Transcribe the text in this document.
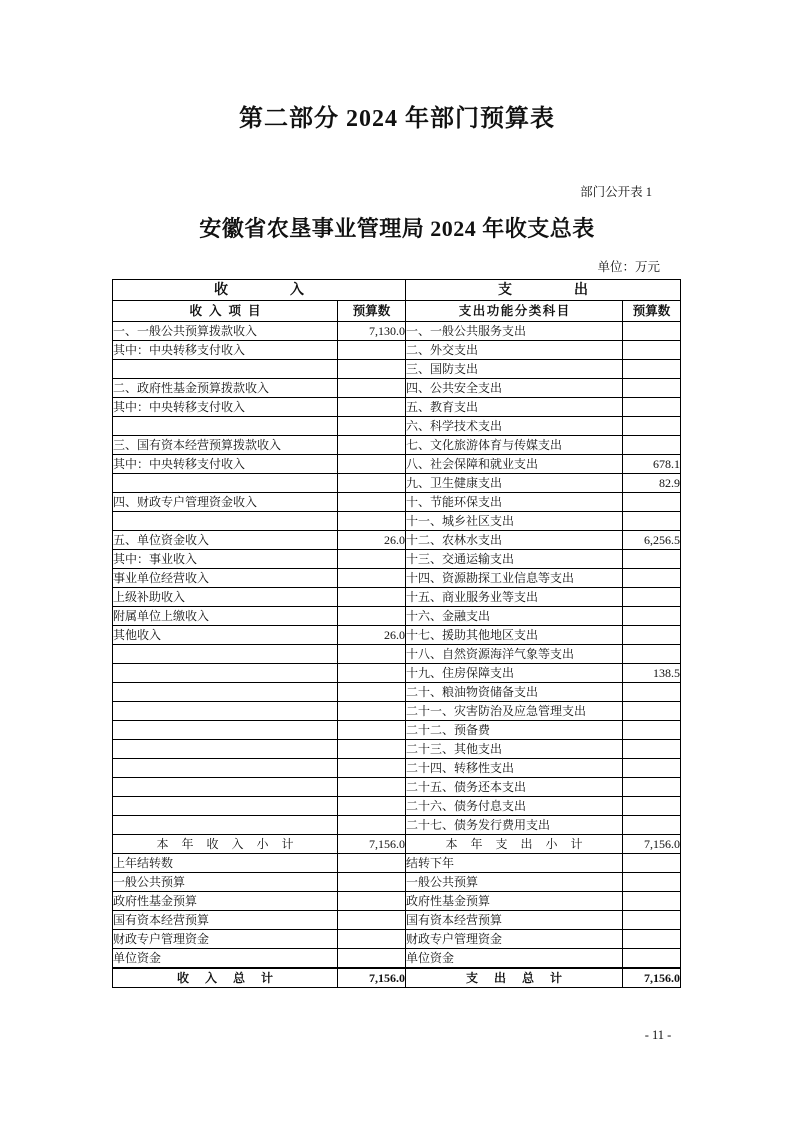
第二部分 2024 年部门预算表
部门公开表 1
安徽省农垦事业管理局 2024 年收支总表
单位：万元
收入		支出	
收入项目	预算数	支出功能分类科目	预算数
一、一般公共预算拨款收入	7,130.0	一、一般公共服务支出	
其中：中央转移支付收入		二、外交支出	
		三、国防支出	
二、政府性基金预算拨款收入		四、公共安全支出	
其中：中央转移支付收入		五、教育支出	
		六、科学技术支出	
三、国有资本经营预算拨款收入		七、文化旅游体育与传媒支出	
其中：中央转移支付收入		八、社会保障和就业支出	678.1
		九、卫生健康支出	82.9
四、财政专户管理资金收入		十、节能环保支出	
		十一、城乡社区支出	
五、单位资金收入	26.0	十二、农林水支出	6,256.5
其中：事业收入		十三、交通运输支出	
事业单位经营收入		十四、资源勘探工业信息等支出	
上级补助收入		十五、商业服务业等支出	
附属单位上缴收入		十六、金融支出	
其他收入	26.0	十七、援助其他地区支出	
		十八、自然资源海洋气象等支出	
		十九、住房保障支出	138.5
		二十、粮油物资储备支出	
		二十一、灾害防治及应急管理支出	
		二十二、预备费	
		二十三、其他支出	
		二十四、转移性支出	
		二十五、债务还本支出	
		二十六、债务付息支出	
		二十七、债务发行费用支出	
本年收入小计	7,156.0	本年支出小计	7,156.0
上年结转数		结转下年	
一般公共预算		一般公共预算	
政府性基金预算		政府性基金预算	
国有资本经营预算		国有资本经营预算	
财政专户管理资金		财政专户管理资金	
单位资金		单位资金	
收入总计	7,156.0	支出总计	7,156.0
- 11 -
